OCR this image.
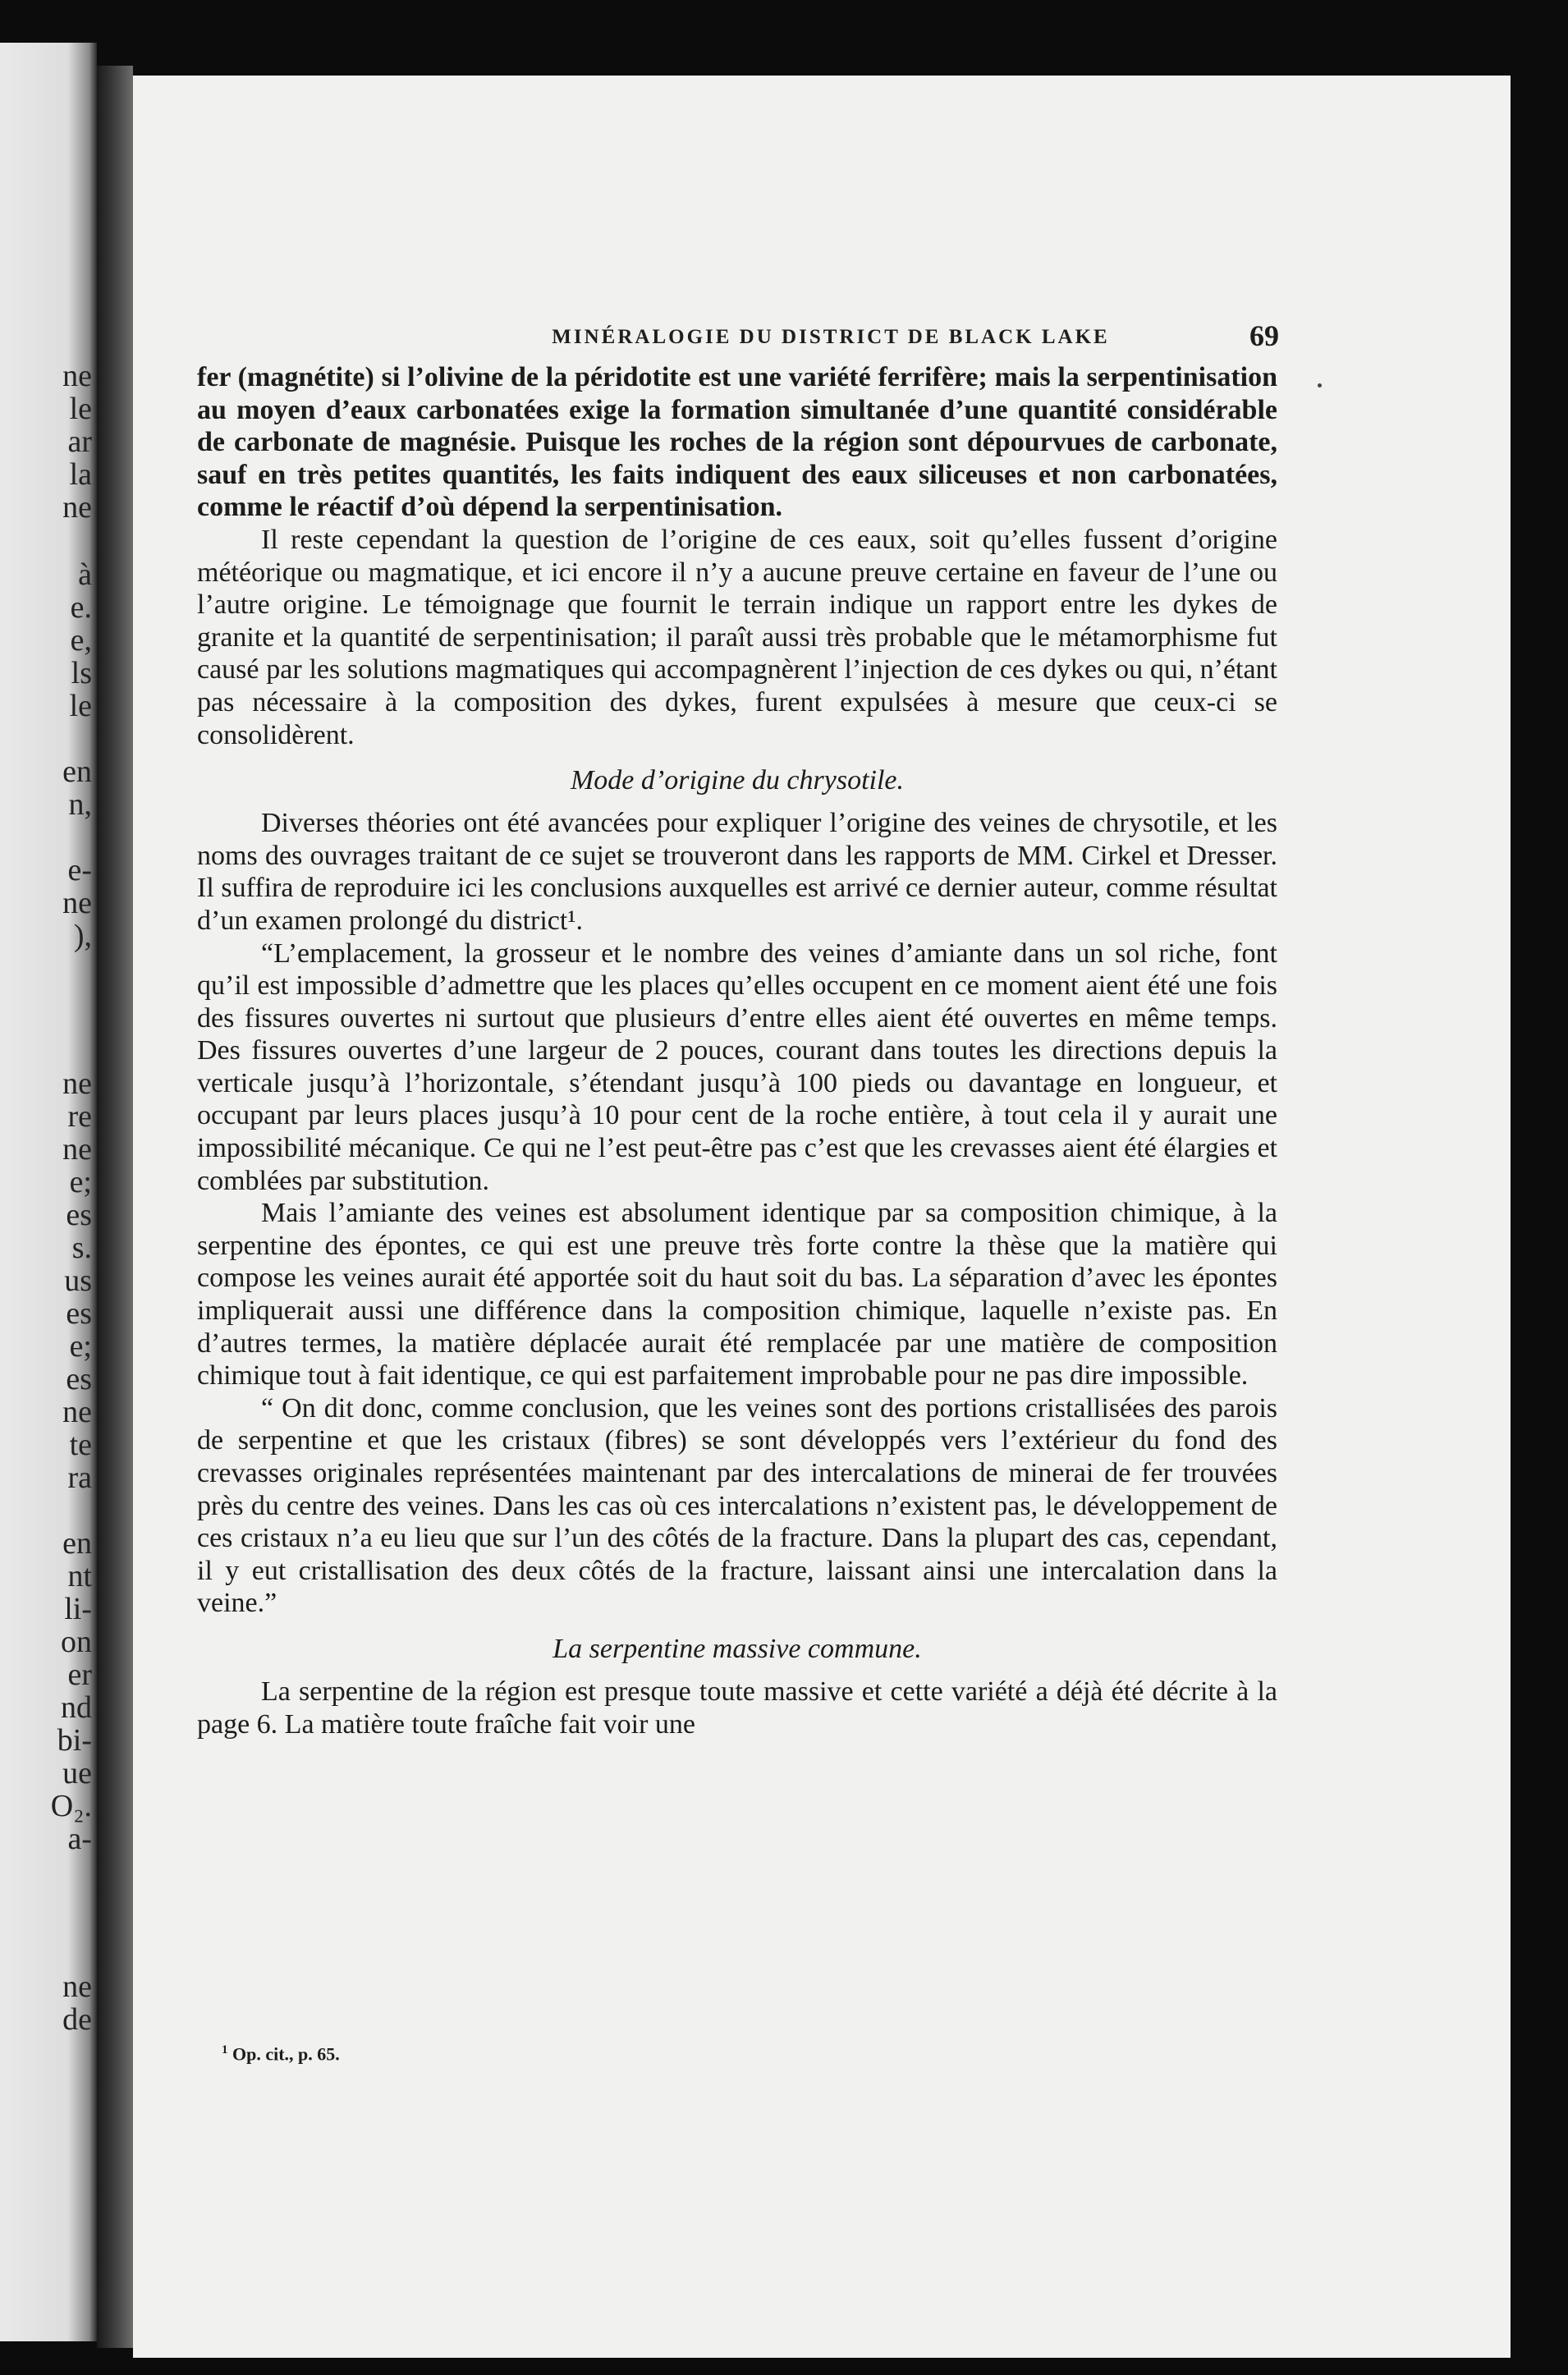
ne
le
ar
la
ne
à
e.
e,
ls
le
en
n,
e-
ne
),
ne
re
ne
e;
es
s.
us
es
e;
es
ne
te
ra
en
nt
li-
on
er
nd
bi-
ue
O₂.
a-
ne
de
MINÉRALOGIE DU DISTRICT DE BLACK LAKE	69

fer (magnétite) si l’olivine de la péridotite est une variété ferrifère; mais la serpentinisation au moyen d’eaux carbonatées exige la formation simultanée d’une quantité considérable de carbonate de magnésie. Puisque les roches de la région sont dépourvues de carbonate, sauf en très petites quantités, les faits indiquent des eaux siliceuses et non carbonatées, comme le réactif d’où dépend la serpentinisation.

Il reste cependant la question de l’origine de ces eaux, soit qu’elles fussent d’origine météorique ou magmatique, et ici encore il n’y a aucune preuve certaine en faveur de l’une ou l’autre origine. Le témoignage que fournit le terrain indique un rapport entre les dykes de granite et la quantité de serpentinisation; il paraît aussi très probable que le métamorphisme fut causé par les solutions magmatiques qui accompagnèrent l’injection de ces dykes ou qui, n’étant pas nécessaire à la composition des dykes, furent expulsées à mesure que ceux-ci se consolidèrent.

Mode d’origine du chrysotile.

Diverses théories ont été avancées pour expliquer l’origine des veines de chrysotile, et les noms des ouvrages traitant de ce sujet se trouveront dans les rapports de MM. Cirkel et Dresser. Il suffira de reproduire ici les conclusions auxquelles est arrivé ce dernier auteur, comme résultat d’un examen prolongé du district¹.

“L’emplacement, la grosseur et le nombre des veines d’amiante dans un sol riche, font qu’il est impossible d’admettre que les places qu’elles occupent en ce moment aient été une fois des fissures ouvertes ni surtout que plusieurs d’entre elles aient été ouvertes en même temps. Des fissures ouvertes d’une largeur de 2 pouces, courant dans toutes les directions depuis la verticale jusqu’à l’horizontale, s’étendant jusqu’à 100 pieds ou davantage en longueur, et occupant par leurs places jusqu’à 10 pour cent de la roche entière, à tout cela il y aurait une impossibilité mécanique. Ce qui ne l’est peut-être pas c’est que les crevasses aient été élargies et comblées par substitution.

Mais l’amiante des veines est absolument identique par sa composition chimique, à la serpentine des épontes, ce qui est une preuve très forte contre la thèse que la matière qui compose les veines aurait été apportée soit du haut soit du bas. La séparation d’avec les épontes impliquerait aussi une différence dans la composition chimique, laquelle n’existe pas. En d’autres termes, la matière déplacée aurait été remplacée par une matière de composition chimique tout à fait identique, ce qui est parfaitement improbable pour ne pas dire impossible.

“ On dit donc, comme conclusion, que les veines sont des portions cristallisées des parois de serpentine et que les cristaux (fibres) se sont développés vers l’extérieur du fond des crevasses originales représentées maintenant par des intercalations de minerai de fer trouvées près du centre des veines. Dans les cas où ces intercalations n’existent pas, le développement de ces cristaux n’a eu lieu que sur l’un des côtés de la fracture. Dans la plupart des cas, cependant, il y eut cristallisation des deux côtés de la fracture, laissant ainsi une intercalation dans la veine.”

La serpentine massive commune.

La serpentine de la région est presque toute massive et cette variété a déjà été décrite à la page 6. La matière toute fraîche fait voir une

$^1$ Op. cit., p. 65.
